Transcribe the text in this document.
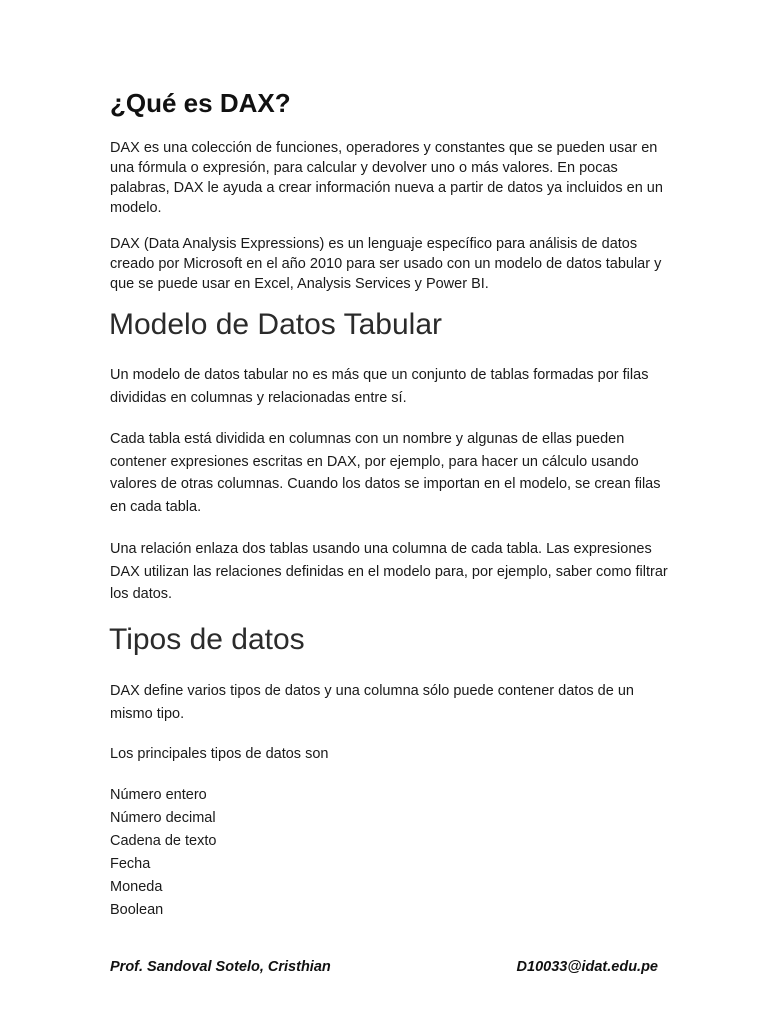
¿Qué es DAX?

DAX es una colección de funciones, operadores y constantes que se pueden usar en una fórmula o expresión, para calcular y devolver uno o más valores. En pocas palabras, DAX le ayuda a crear información nueva a partir de datos ya incluidos en un modelo.

DAX (Data Analysis Expressions) es un lenguaje específico para análisis de datos creado por Microsoft en el año 2010 para ser usado con un modelo de datos tabular y que se puede usar en Excel, Analysis Services y Power BI.

Modelo de Datos Tabular

Un modelo de datos tabular no es más que un conjunto de tablas formadas por filas divididas en columnas y relacionadas entre sí.

Cada tabla está dividida en columnas con un nombre y algunas de ellas pueden contener expresiones escritas en DAX, por ejemplo, para hacer un cálculo usando valores de otras columnas. Cuando los datos se importan en el modelo, se crean filas en cada tabla.

Una relación enlaza dos tablas usando una columna de cada tabla. Las expresiones DAX utilizan las relaciones definidas en el modelo para, por ejemplo, saber como filtrar los datos.

Tipos de datos

DAX define varios tipos de datos y una columna sólo puede contener datos de un mismo tipo.

Los principales tipos de datos son

Número entero
Número decimal
Cadena de texto
Fecha
Moneda
Boolean
Prof. Sandoval Sotelo, Cristhian	D10033@idat.edu.pe
